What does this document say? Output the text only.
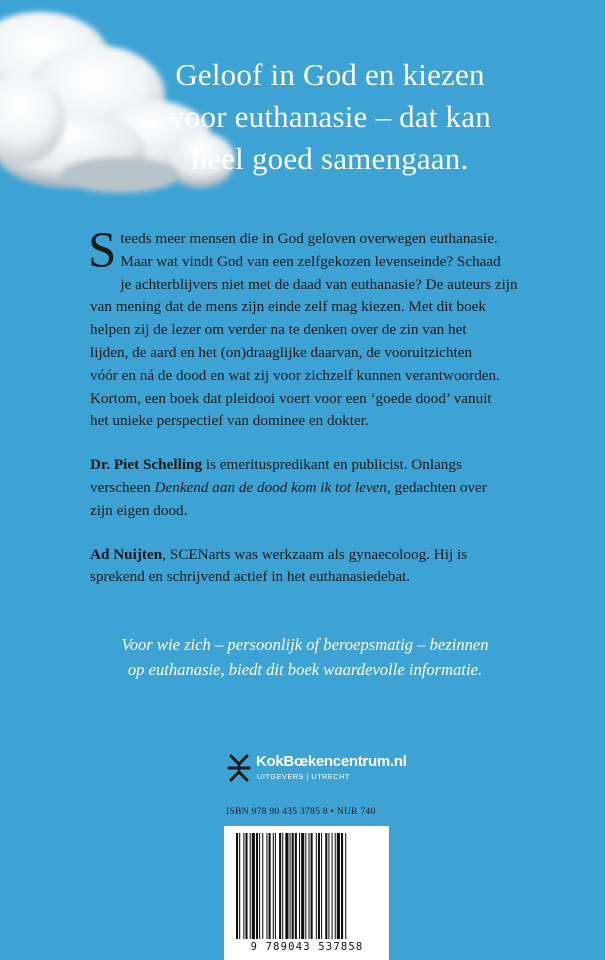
Geloof in God en kiezen
voor euthanasie – dat kan
heel goed samengaan.
S teeds meer mensen die in God geloven overwegen euthanasie.
Maar wat vindt God van een zelfgekozen levenseinde? Schaad
je achterblijvers niet met de daad van euthanasie? De auteurs zijn
van mening dat de mens zijn einde zelf mag kiezen. Met dit boek
helpen zij de lezer om verder na te denken over de zin van het
lijden, de aard en het (on)draaglijke daarvan, de vooruitzichten
vóór en ná de dood en wat zij voor zichzelf kunnen verantwoorden.
Kortom, een boek dat pleidooi voert voor een ‘goede dood’ vanuit
het unieke perspectief van dominee en dokter.
Dr. Piet Schelling is emerituspredikant en publicist. Onlangs
verscheen Denkend aan de dood kom ik tot leven, gedachten over
zijn eigen dood.
Ad Nuijten, SCENarts was werkzaam als gynaecoloog. Hij is
sprekend en schrijvend actief in het euthanasiedebat.
Voor wie zich – persoonlijk of beroepsmatig – bezinnen
op euthanasie, biedt dit boek waardevolle informatie.
KokBœkencentrum.nl
UITGEVERS | UTRECHT
ISBN 978 90 435 3785 8 • NUR 740
9 789043 537858
